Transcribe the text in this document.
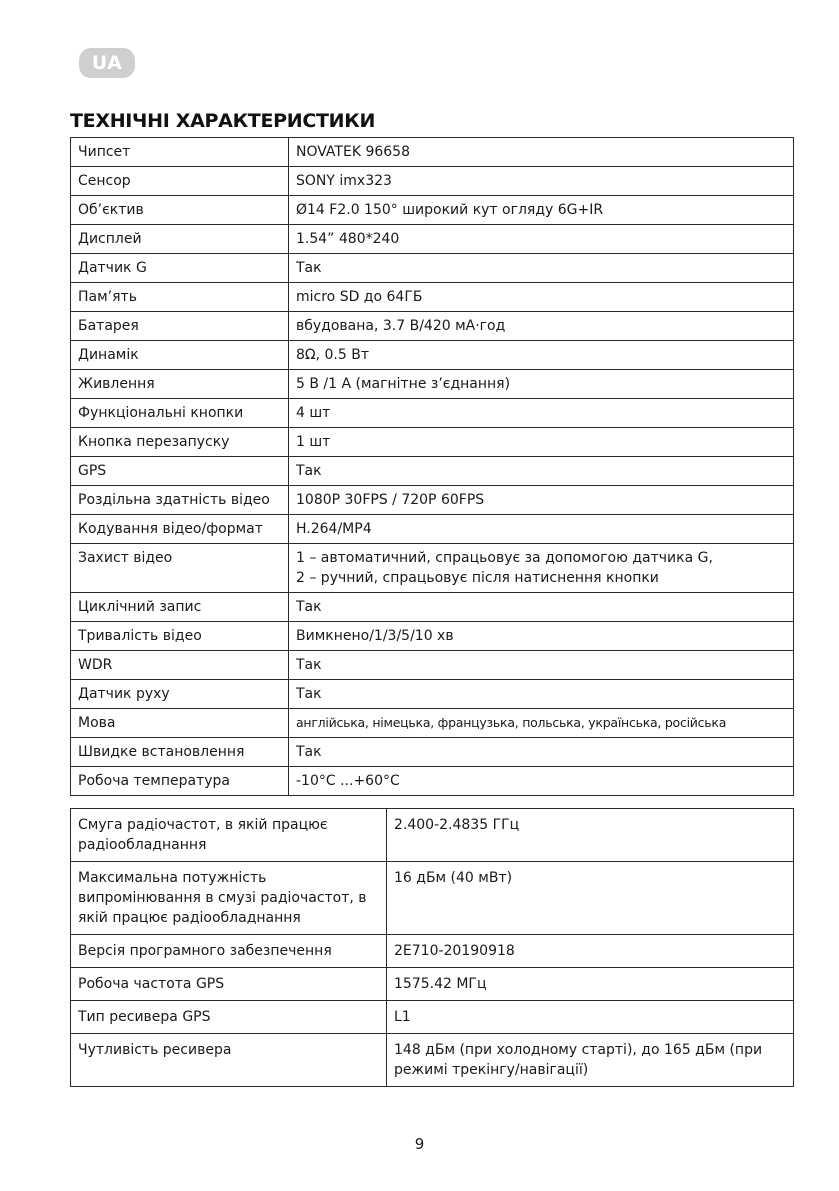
UA
ТЕХНІЧНІ ХАРАКТЕРИСТИКИ
Чипсет	NOVATEK 96658
Сенсор	SONY imx323
Об’єктив	Ø14 F2.0 150° широкий кут огляду 6G+IR
Дисплей	1.54” 480*240
Датчик G	Так
Пам’ять	micro SD до 64ГБ
Батарея	вбудована, 3.7 В/420 мА·год
Динамік	8Ω, 0.5 Вт
Живлення	5 В /1 А (магнітне з’єднання)
Функціональні кнопки	4 шт
Кнопка перезапуску	1 шт
GPS	Так
Роздільна здатність відео	1080P 30FPS / 720P 60FPS
Кодування відео/формат	H.264/MP4
Захист відео	1 – автоматичний, спрацьовує за допомогою датчика G,
2 – ручний, спрацьовує після натиснення кнопки

Циклічний запис	Так
Тривалість відео	Вимкнено/1/3/5/10 хв
WDR	Так
Датчик руху	Так
Мова	англійська, німецька, французька, польська, українська, російська
Швидке встановлення	Так
Робоча температура	-10°С ...+60°С
Смуга радіочастот, в якій працює радіообладнання	2.400-2.4835 ГГц
Максимальна потужність випромінювання в смузі радіочастот, в якій працює радіообладнання	16 дБм (40 мВт)
Версія програмного забезпечення	2E710-20190918
Робоча частота GPS	1575.42 МГц
Тип ресивера GPS	L1
Чутливість ресивера	148 дБм (при холодному старті), до 165 дБм (при режимі трекінгу/навігації)
9
